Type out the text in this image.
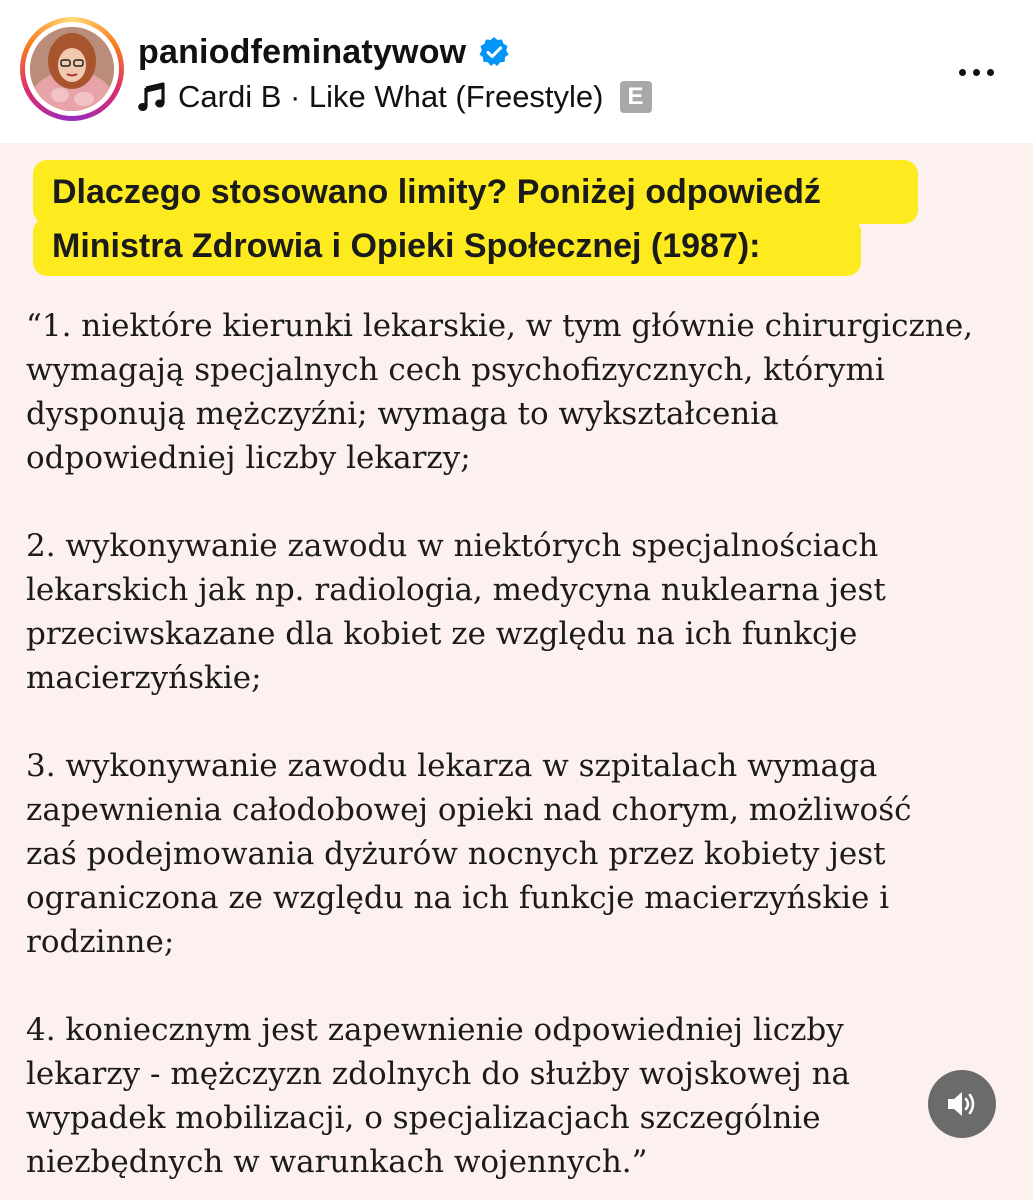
paniodfeminatywow
Cardi B · Like What (Freestyle) E
Dlaczego stosowano limity? Poniżej odpowiedź
Ministra Zdrowia i Opieki Społecznej (1987):

“1. niektóre kierunki lekarskie, w tym głównie chirurgiczne,
wymagają specjalnych cech psychofizycznych, którymi
dysponują mężczyźni; wymaga to wykształcenia
odpowiedniej liczby lekarzy;

2. wykonywanie zawodu w niektórych specjalnościach
lekarskich jak np. radiologia, medycyna nuklearna jest
przeciwskazane dla kobiet ze względu na ich funkcje
macierzyńskie;

3. wykonywanie zawodu lekarza w szpitalach wymaga
zapewnienia całodobowej opieki nad chorym, możliwość
zaś podejmowania dyżurów nocnych przez kobiety jest
ograniczona ze względu na ich funkcje macierzyńskie i
rodzinne;

4. koniecznym jest zapewnienie odpowiedniej liczby
lekarzy - mężczyzn zdolnych do służby wojskowej na
wypadek mobilizacji, o specjalizacjach szczególnie
niezbędnych w warunkach wojennych.”
